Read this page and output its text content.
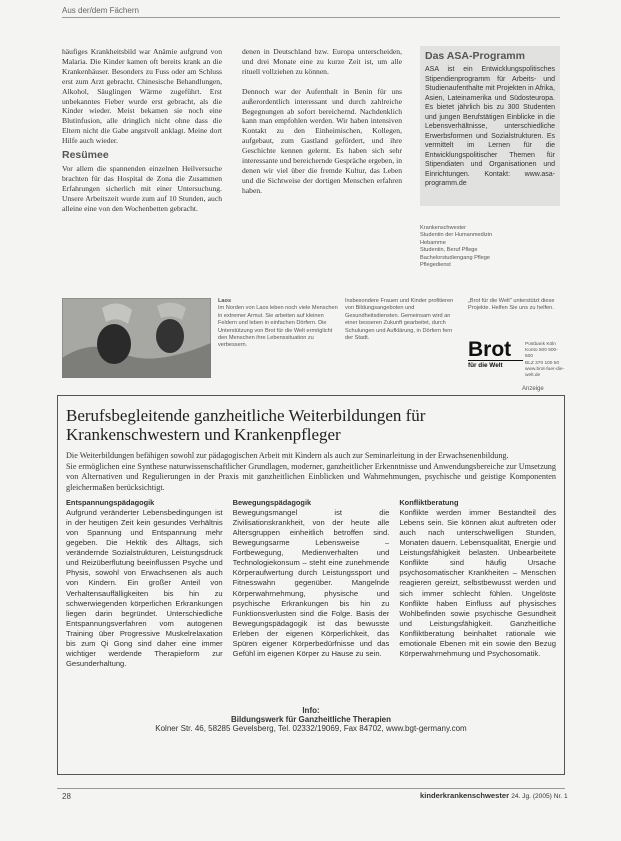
Aus der/dem Fächern

häufiges Krankheitsbild war Anämie aufgrund von Malaria. Die Kinder kamen oft bereits krank an die Krankenhäuser. Besonders zu Fuss oder am Schluss erst zum Arzt gebracht. Chinesische Behandlungen, Alkohol, Säuglingen Wärme zugeführt. Erst unbekanntes Fieber wurde erst gebracht, als die Kinder wieder. Meist bekamen sie noch eine Blutinfusion, alle dringlich nicht ohne dass die Eltern nicht die Gabe angstvoll anklagt. Meine dort Hilfe auch wieder.

Resümee

Vor allem die spannenden einzelnen Heilversuche brachten für das Hospital de Zona die Zusammen Erfahrungen sicherlich mit einer Untersuchung. Unsere Arbeitszeit wurde zum auf 10 Stunden, auch alleine eine von den Wochenbetten gebracht.

denen in Deutschland bzw. Europa unterscheiden, und drei Monate eine zu kurze Zeit ist, um alle rituell vollziehen zu können.

Dennoch war der Aufenthalt in Benin für uns außerordentlich interessant und durch zahlreiche Begegnungen ab sofort bereichernd. Nachdenklich kann man empfohlen werden. Wir haben intensiven Kontakt zu den Einheimischen, Kollegen, aufgebaut, zum Gastland gefördert, und ihre Geschichte kennen gelernt. Es haben sich sehr interessante und bereichernde Gespräche ergeben, in denen wir viel über die fremde Kultur, das Leben und die Sichtweise der dortigen Menschen erfahren haben.

Das ASA-Programm
ASA ist ein Entwicklungspolitisches Stipendienprogramm für Arbeits- und Studienaufenthalte mit Projekten in Afrika, Asien, Lateinamerika und Südosteuropa. Es bietet jährlich bis zu 300 Studenten und jungen Berufstätigen Einblicke in die Lebensverhältnisse, unterschiedliche Erwerbsformen und Sozialstrukturen. Es vermittelt im Lernen für die Entwicklungspolitischer Themen für Stipendiaten und Organisationen und Einrichtungen. Kontakt: www.asa-programm.de
Krankenschwester
Studentin der Humanmedizin
Hebamme
Studentin, Beruf Pflege
Bachelorstudiengang Pflege
Pflegedienst
Laos
Im Norden von Laos leben noch viele Menschen in extremer Armut. Sie arbeiten auf kleinen Feldern und leben in einfachen Dörfern. Die Unterstützung von Brot für die Welt ermöglicht den Menschen ihre Lebenssituation zu verbessern.
Insbesondere Frauen und Kinder profitieren von Bildungsangeboten und Gesundheitsdiensten. Gemeinsam wird an einer besseren Zukunft gearbeitet, durch Schulungen und Aufklärung, in Dörfern fern der Stadt.
„Brot für die Welt" unterstützt diese Projekte. Helfen Sie uns zu helfen.
Brot
für die Welt
Postbank Köln
Konto 500 500-500
BLZ 370 100 50
www.brot-fuer-die-welt.de
Anzeige
Berufsbegleitende ganzheitliche Weiterbildungen für Krankenschwestern und Krankenpfleger
Die Weiterbildungen befähigen sowohl zur pädagogischen Arbeit mit Kindern als auch zur Seminarleitung in der Erwachsenenbildung.
Sie ermöglichen eine Synthese naturwissenschaftlicher Grundlagen, moderner, ganzheitlicher Erkenntnisse und Anwendungsbereiche zur Umsetzung von Alternativen und Regulierungen in der Praxis mit ganzheitlichen Einblicken und Wahrnehmungen, psychische und geistige Komponenten gleichermaßen berücksichtigt.
Entspannungspädagogik
Aufgrund veränderter Lebensbedingungen ist in der heutigen Zeit kein gesundes Verhältnis von Spannung und Entspannung mehr gegeben. Die Hektik des Alltags, sich verändernde Sozialstrukturen, Leistungsdruck und Reizüberflutung beeinflussen Psyche und Physis, sowohl von Erwachsenen als auch von Kindern. Ein großer Anteil von Verhaltensauffälligkeiten bis hin zu schwerwiegenden körperlichen Erkrankungen liegen darin begründet. Unterschiedliche Entspannungsverfahren vom autogenen Training über Progressive Muskelrelaxation bis zum Qi Gong sind daher eine immer wichtiger werdende Therapieform zur Gesunderhaltung.
Bewegungspädagogik
Bewegungsmangel ist die Zivilisationskrankheit, von der heute alle Altersgruppen einheitlich betroffen sind. Bewegungsarme Lebensweise – Fortbewegung, Medienverhalten und Technologiekonsum – steht eine zunehmende Körperaufwertung durch Leistungssport und Fitnesswahn gegenüber. Mangelnde Körperwahrnehmung, physische und psychische Erkrankungen bis hin zu Funktionsverlusten sind die Folge. Basis der Bewegungspädagogik ist das bewusste Erleben der eigenen Körperlichkeit, das Spüren eigener Körperbedürfnisse und das Gefühl im eigenen Körper zu Hause zu sein.
Konfliktberatung
Konflikte werden immer Bestandteil des Lebens sein. Sie können akut auftreten oder auch nach unterschwelligen Stunden, Monaten dauern. Lebensqualität, Energie und Leistungsfähigkeit belasten. Unbearbeitete Konflikte sind häufig Ursache psychosomatischer Krankheiten – Menschen reagieren gereizt, selbstbewusst werden und sich immer schlecht fühlen. Ungelöste Konflikte haben Einfluss auf physisches Wohlbefinden sowie psychische Gesundheit und Leistungsfähigkeit. Ganzheitliche Konfliktberatung beinhaltet rationale wie emotionale Ebenen mit ein sowie den Bezug Körperwahrnehmung und Psychosomatik.
Info:
Bildungswerk für Ganzheitliche Therapien
Kolner Str. 46, 58285 Gevelsberg, Tel. 02332/19069, Fax 84702, www.bgt-germany.com
28	kinderkrankenschwester 24. Jg. (2005) Nr. 1
